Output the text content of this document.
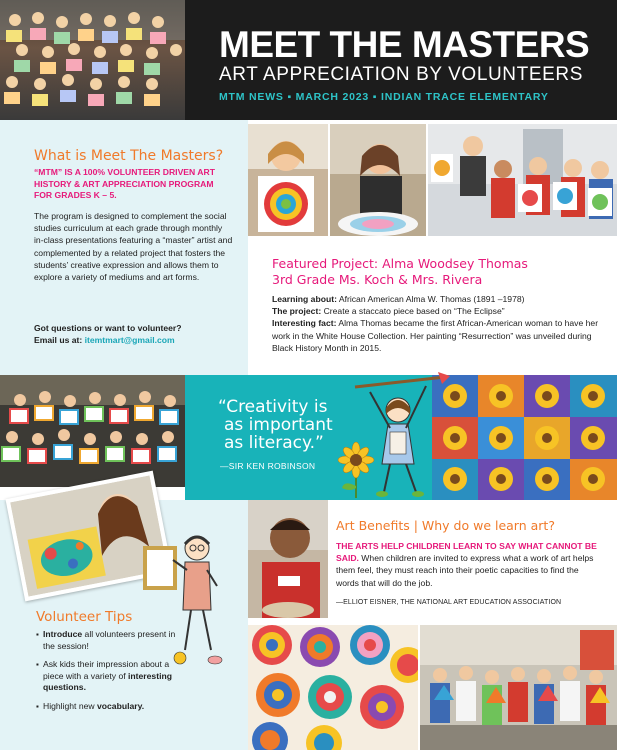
MEET THE MASTERS
ART APPRECIATION BY VOLUNTEERS
MTM NEWS ▪ MARCH 2023 ▪ INDIAN TRACE ELEMENTARY
What is Meet The Masters?
“MTM” IS A 100% VOLUNTEER DRIVEN ART HISTORY & ART APPRECIATION PROGRAM FOR GRADES K – 5.
The program is designed to complement the social studies curriculum at each grade through monthly in-class presentations featuring a “master” artist and complemented by a related project that fosters the students’ creative expression and allows them to explore a variety of mediums and art forms.
Got questions or want to volunteer?
Email us at: itemtmart@gmail.com
Featured Project: Alma Woodsey Thomas
3rd Grade Ms. Koch & Mrs. Rivera
Learning about: African American Alma W. Thomas (1891 –1978)
The project: Create a staccato piece based on “The Eclipse”
Interesting fact: Alma Thomas became the first African-American woman to have her work in the White House Collection. Her painting “Resurrection” was unveiled during Black History Month in 2015.
“Creativity is
as important
as literacy.”
—SIR KEN ROBINSON
Volunteer Tips
▪ Introduce all volunteers present in the session!
▪ Ask kids their impression about a piece with a variety of interesting questions.
▪ Highlight new vocabulary.
Art Benefits | Why do we learn art?
THE ARTS HELP CHILDREN LEARN TO SAY WHAT CANNOT BE SAID. When children are invited to express what a work of art helps them feel, they must reach into their poetic capacities to find the words that will do the job.
—ELLIOT EISNER, THE NATIONAL ART EDUCATION ASSOCIATION
